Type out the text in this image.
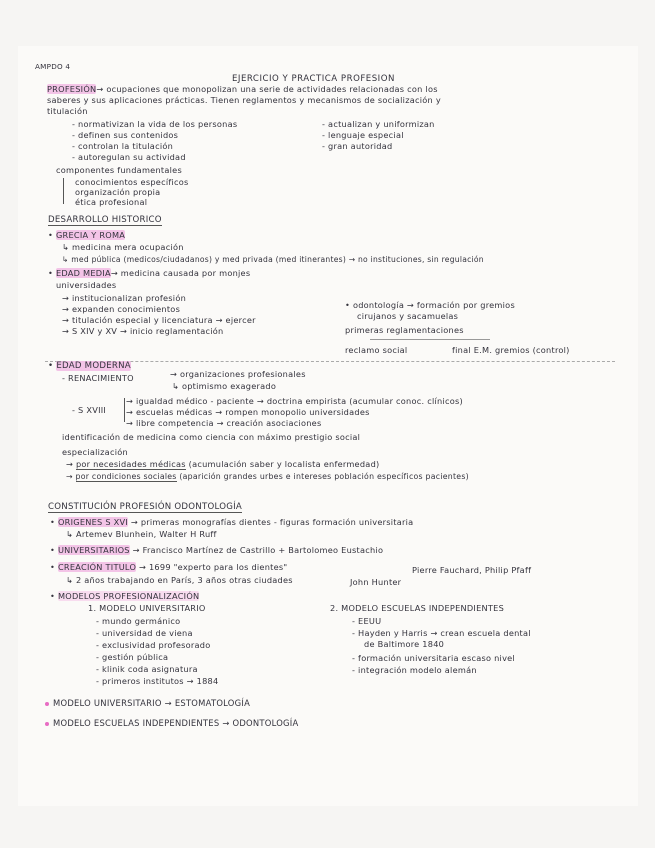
AMPDO 4
EJERCICIO Y PRACTICA PROFESION
PROFESIÓN→ ocupaciones que monopolizan una serie de actividades relacionadas con los
saberes y sus aplicaciones prácticas. Tienen reglamentos y mecanismos de socialización y
titulación
- normativizan la vida de los personas
- definen sus contenidos
- controlan la titulación
- autoregulan su actividad
- actualizan y uniformizan
- lenguaje especial
- gran autoridad
componentes fundamentales
conocimientos específicos
organización propia
ética profesional
DESARROLLO HISTORICO
• GRECIA Y ROMA
↳ medicina mera ocupación
↳ med pública (medicos/ciudadanos) y med privada (med itinerantes) → no instituciones, sin regulación
• EDAD MEDIA→ medicina causada por monjes
universidades
→ institucionalizan profesión
→ expanden conocimientos
→ titulación especial y licenciatura → ejercer
→ S XIV y XV → inicio reglamentación
• odontología → formación por gremios
cirujanos y sacamuelas
primeras reglamentaciones
reclamo social	final E.M. gremios (control)
• EDAD MODERNA
- RENACIMIENTO	→ organizaciones profesionales
↳ optimismo exagerado
- S XVIII
→ igualdad médico - paciente → doctrina empirista (acumular conoc. clínicos)
→ escuelas médicas → rompen monopolio universidades
→ libre competencia → creación asociaciones
identificación de medicina como ciencia con máximo prestigio social
especialización
→ por necesidades médicas (acumulación saber y localista enfermedad)
→ por condiciones sociales (aparición grandes urbes e intereses población específicos pacientes)
CONSTITUCIÓN PROFESIÓN ODONTOLOGÍA
• ORIGENES S XVI → primeras monografías dientes - figuras formación universitaria
↳ Artemev Blunhein, Walter H Ruff
• UNIVERSITARIOS → Francisco Martínez de Castrillo + Bartolomeo Eustachio
• CREACIÓN TITULO → 1699 "experto para los dientes"	Pierre Fauchard, Philip Pfaff
↳ 2 años trabajando en París, 3 años otras ciudades	John Hunter
• MODELOS PROFESIONALIZACIÓN
1. MODELO UNIVERSITARIO
- mundo germánico
- universidad de viena
- exclusividad profesorado
- gestión pública
- klinik coda asignatura
- primeros institutos → 1884
2. MODELO ESCUELAS INDEPENDIENTES
- EEUU
- Hayden y Harris → crean escuela dental
de Baltimore 1840
- formación universitaria escaso nivel
- integración modelo alemán
MODELO UNIVERSITARIO → ESTOMATOLOGÍA
MODELO ESCUELAS INDEPENDIENTES → ODONTOLOGÍA
